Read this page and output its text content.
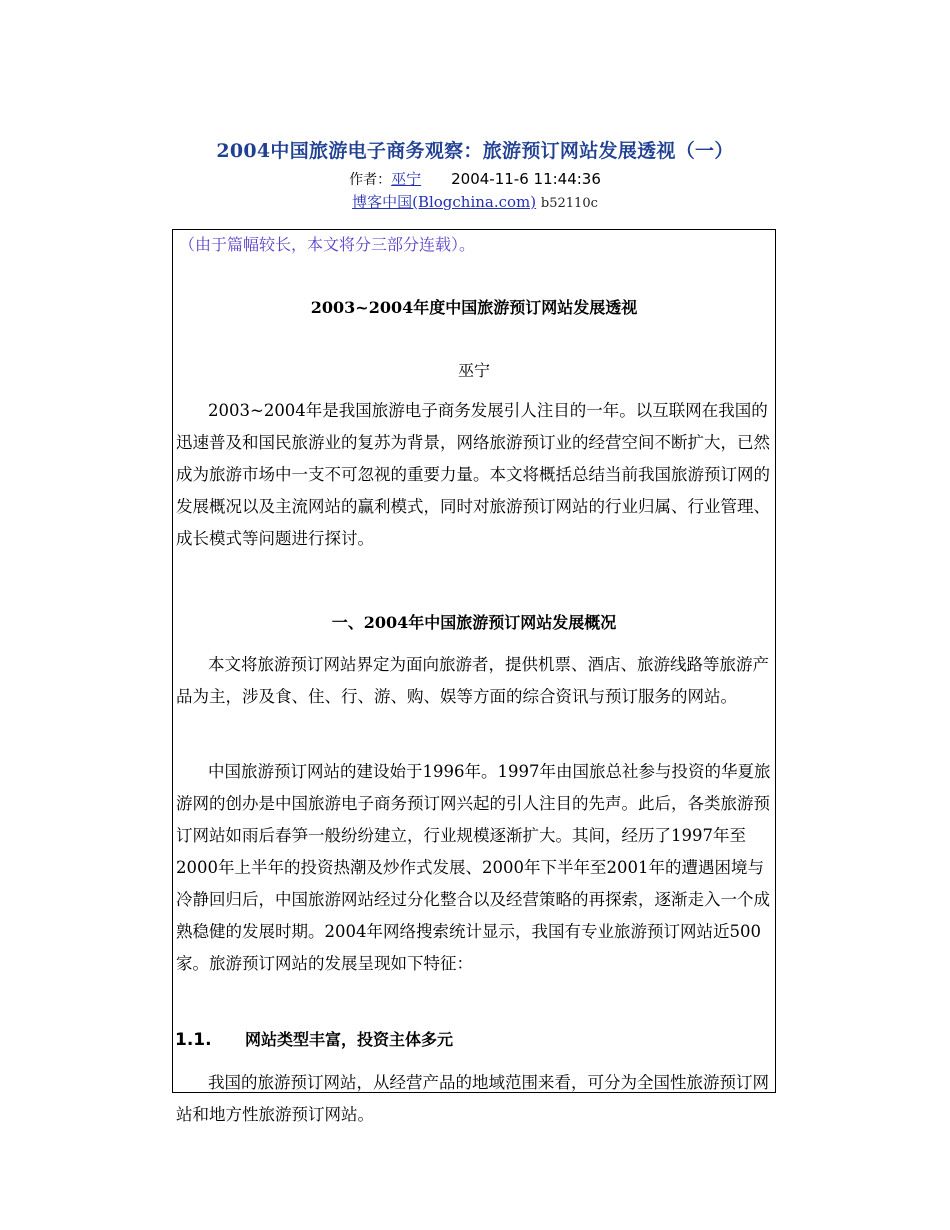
2004中国旅游电子商务观察：旅游预订网站发展透视（一）
作者：巫宁 2004-11-6 11:44:36
博客中国(Blogchina.com) b52110c
（由于篇幅较长，本文将分三部分连载）。
2003~2004年度中国旅游预订网站发展透视
巫宁

2003~2004年是我国旅游电子商务发展引人注目的一年。以互联网在我国的迅速普及和国民旅游业的复苏为背景，网络旅游预订业的经营空间不断扩大，已然成为旅游市场中一支不可忽视的重要力量。本文将概括总结当前我国旅游预订网的发展概况以及主流网站的赢利模式，同时对旅游预订网站的行业归属、行业管理、成长模式等问题进行探讨。

一、2004年中国旅游预订网站发展概况

本文将旅游预订网站界定为面向旅游者，提供机票、酒店、旅游线路等旅游产品为主，涉及食、住、行、游、购、娱等方面的综合资讯与预订服务的网站。

中国旅游预订网站的建设始于1996年。1997年由国旅总社参与投资的华夏旅游网的创办是中国旅游电子商务预订网兴起的引人注目的先声。此后，各类旅游预订网站如雨后春笋一般纷纷建立，行业规模逐渐扩大。其间，经历了1997年至2000年上半年的投资热潮及炒作式发展、2000年下半年至2001年的遭遇困境与冷静回归后，中国旅游网站经过分化整合以及经营策略的再探索，逐渐走入一个成熟稳健的发展时期。2004年网络搜索统计显示，我国有专业旅游预订网站近500家。旅游预订网站的发展呈现如下特征：

1.1. 网站类型丰富，投资主体多元

我国的旅游预订网站，从经营产品的地域范围来看，可分为全国性旅游预订网站和地方性旅游预订网站。
